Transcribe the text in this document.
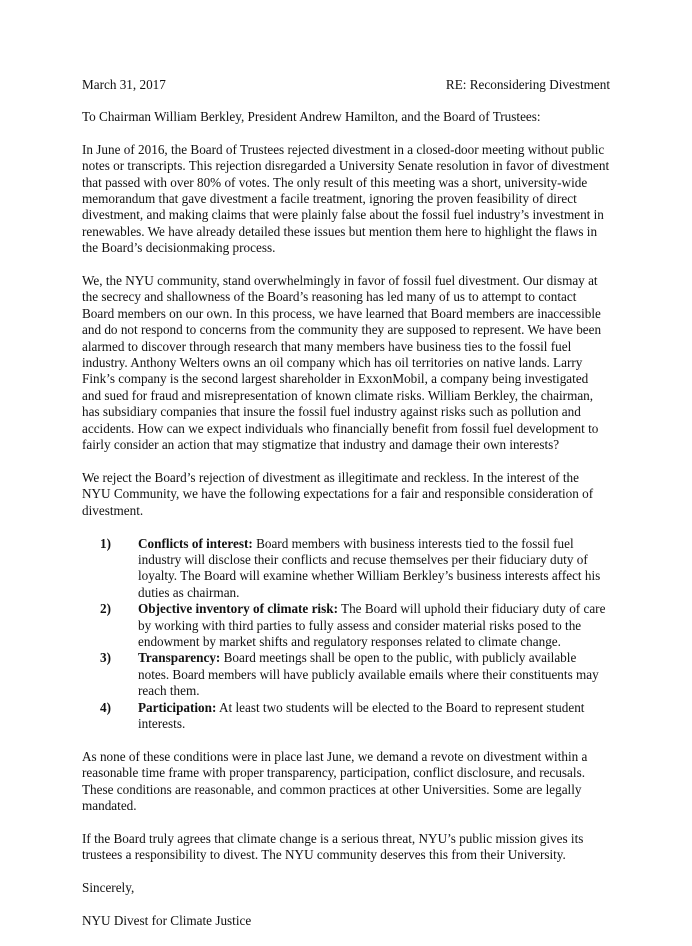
March 31, 2017	RE: Reconsidering Divestment

To Chairman William Berkley, President Andrew Hamilton, and the Board of Trustees:

In June of 2016, the Board of Trustees rejected divestment in a closed-door meeting without public notes or transcripts. This rejection disregarded a University Senate resolution in favor of divestment that passed with over 80% of votes. The only result of this meeting was a short, university-wide memorandum that gave divestment a facile treatment, ignoring the proven feasibility of direct divestment, and making claims that were plainly false about the fossil fuel industry’s investment in renewables. We have already detailed these issues but mention them here to highlight the flaws in the Board’s decisionmaking process.

We, the NYU community, stand overwhelmingly in favor of fossil fuel divestment. Our dismay at the secrecy and shallowness of the Board’s reasoning has led many of us to attempt to contact Board members on our own. In this process, we have learned that Board members are inaccessible and do not respond to concerns from the community they are supposed to represent. We have been alarmed to discover through research that many members have business ties to the fossil fuel industry. Anthony Welters owns an oil company which has oil territories on native lands. Larry Fink’s company is the second largest shareholder in ExxonMobil, a company being investigated and sued for fraud and misrepresentation of known climate risks. William Berkley, the chairman, has subsidiary companies that insure the fossil fuel industry against risks such as pollution and accidents. How can we expect individuals who financially benefit from fossil fuel development to fairly consider an action that may stigmatize that industry and damage their own interests?

We reject the Board’s rejection of divestment as illegitimate and reckless. In the interest of the NYU Community, we have the following expectations for a fair and responsible consideration of divestment.

1)	Conflicts of interest: Board members with business interests tied to the fossil fuel industry will disclose their conflicts and recuse themselves per their fiduciary duty of loyalty. The Board will examine whether William Berkley’s business interests affect his duties as chairman.
2)	Objective inventory of climate risk: The Board will uphold their fiduciary duty of care by working with third parties to fully assess and consider material risks posed to the endowment by market shifts and regulatory responses related to climate change.
3)	Transparency: Board meetings shall be open to the public, with publicly available notes. Board members will have publicly available emails where their constituents may reach them.
4)	Participation: At least two students will be elected to the Board to represent student interests.

As none of these conditions were in place last June, we demand a revote on divestment within a reasonable time frame with proper transparency, participation, conflict disclosure, and recusals. These conditions are reasonable, and common practices at other Universities. Some are legally mandated.

If the Board truly agrees that climate change is a serious threat, NYU’s public mission gives its trustees a responsibility to divest. The NYU community deserves this from their University.

Sincerely,

NYU Divest for Climate Justice
